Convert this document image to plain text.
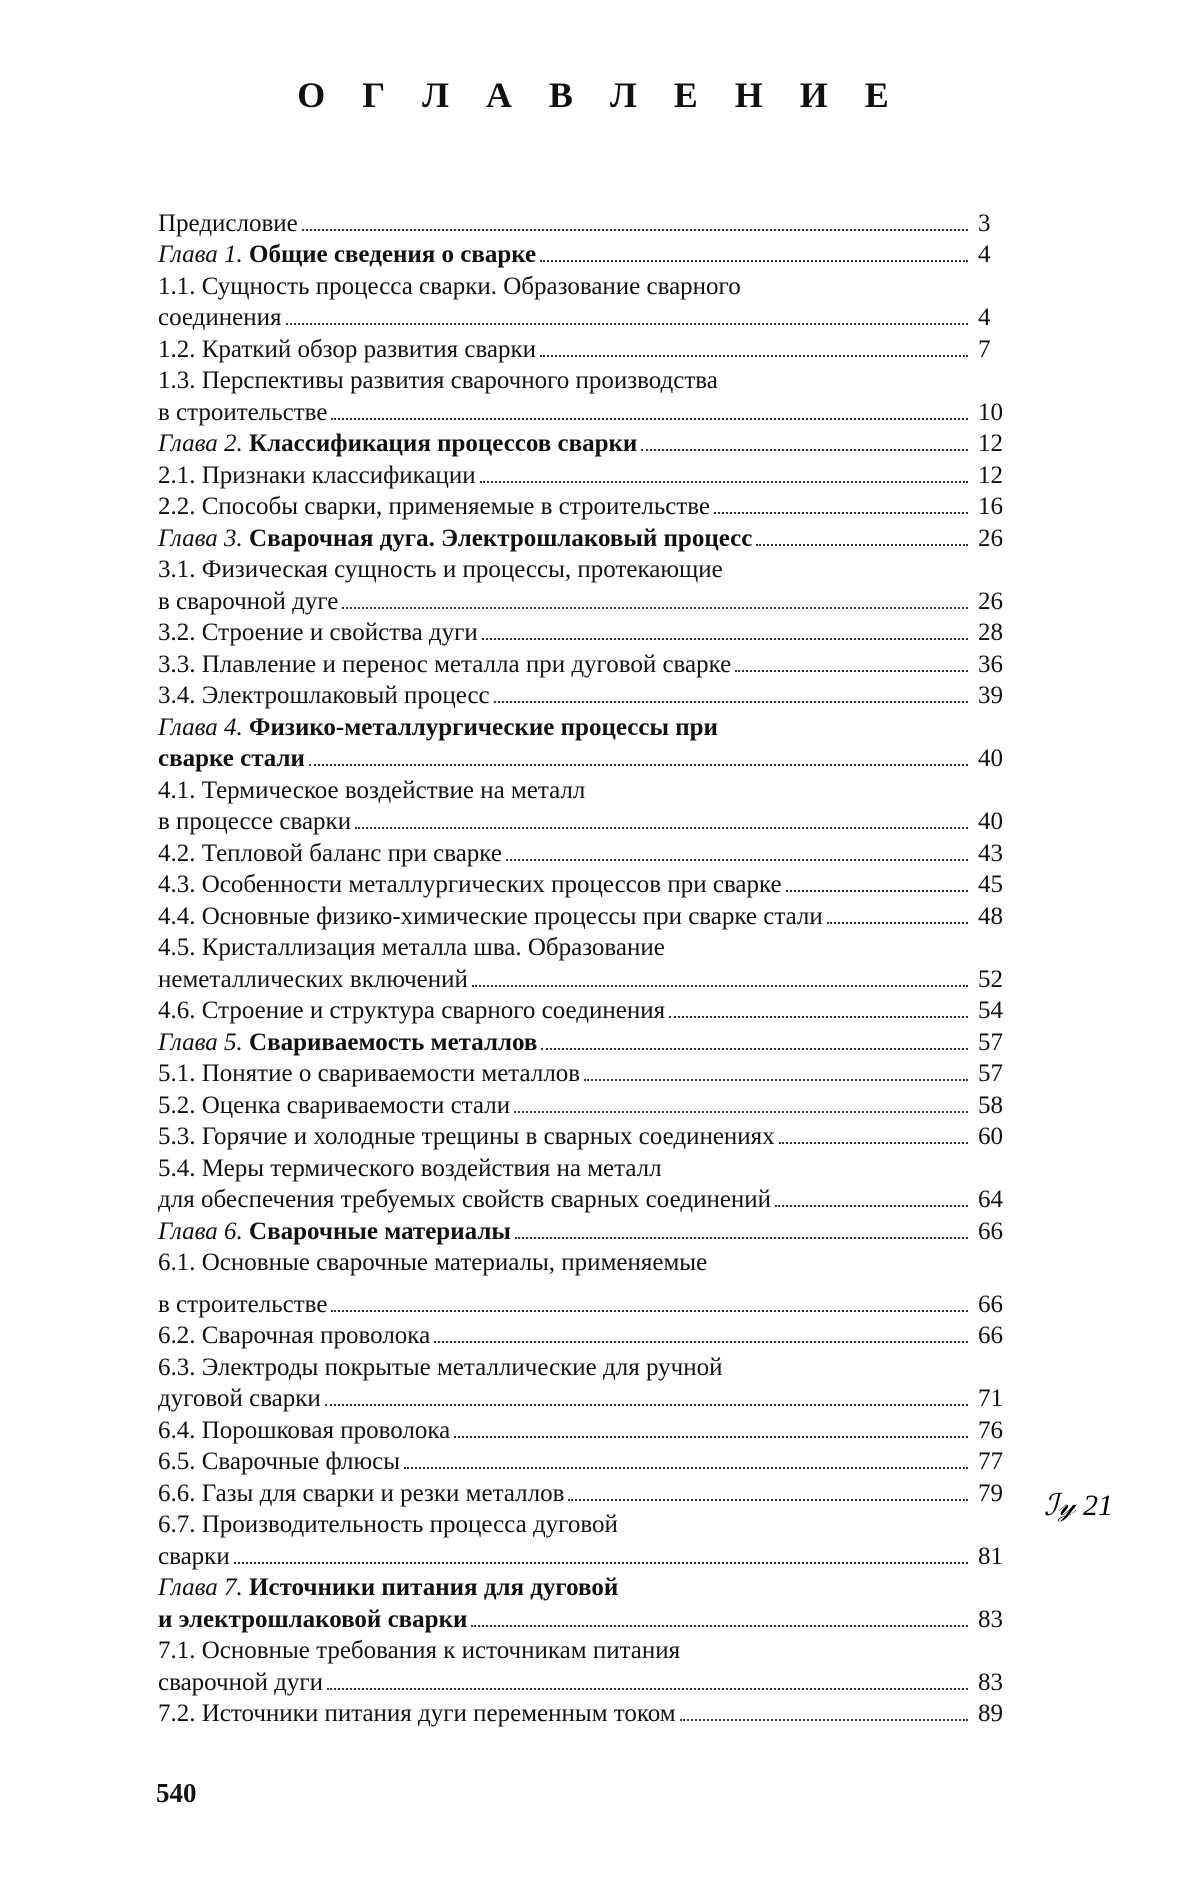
О Г Л А В Л Е Н И Е
Предисловие	3
Глава 1. Общие сведения о сварке	4
1.1. Сущность процесса сварки. Образование сварного
соединения	4
1.2. Краткий обзор развития сварки	7
1.3. Перспективы развития сварочного производства
в строительстве	10
Глава 2. Классификация процессов сварки	12
2.1. Признаки классификации	12
2.2. Способы сварки, применяемые в строительстве	16
Глава 3. Сварочная дуга. Электрошлаковый процесс	26
3.1. Физическая сущность и процессы, протекающие
в сварочной дуге	26
3.2. Строение и свойства дуги	28
3.3. Плавление и перенос металла при дуговой сварке	36
3.4. Электрошлаковый процесс	39
Глава 4. Физико-металлургические процессы при
сварке стали	40
4.1. Термическое воздействие на металл
в процессе сварки	40
4.2. Тепловой баланс при сварке	43
4.3. Особенности металлургических процессов при сварке	45
4.4. Основные физико-химические процессы при сварке стали	48
4.5. Кристаллизация металла шва. Образование
неметаллических включений	52
4.6. Строение и структура сварного соединения	54
Глава 5. Свариваемость металлов	57
5.1. Понятие о свариваемости металлов	57
5.2. Оценка свариваемости стали	58
5.3. Горячие и холодные трещины в сварных соединениях	60
5.4. Меры термического воздействия на металл
для обеспечения требуемых свойств сварных соединений	64
Глава 6. Сварочные материалы	66
6.1. Основные сварочные материалы, применяемые
в строительстве	66
6.2. Сварочная проволока	66
6.3. Электроды покрытые металлические для ручной
дуговой сварки	71
6.4. Порошковая проволока	76
6.5. Сварочные флюсы	77
6.6. Газы для сварки и резки металлов	79
6.7. Производительность процесса дуговой
сварки	81
Глава 7. Источники питания для дуговой
и электрошлаковой сварки	83
7.1. Основные требования к источникам питания
сварочной дуги	83
7.2. Источники питания дуги переменным током	89
ℐ𝓎 21
540
